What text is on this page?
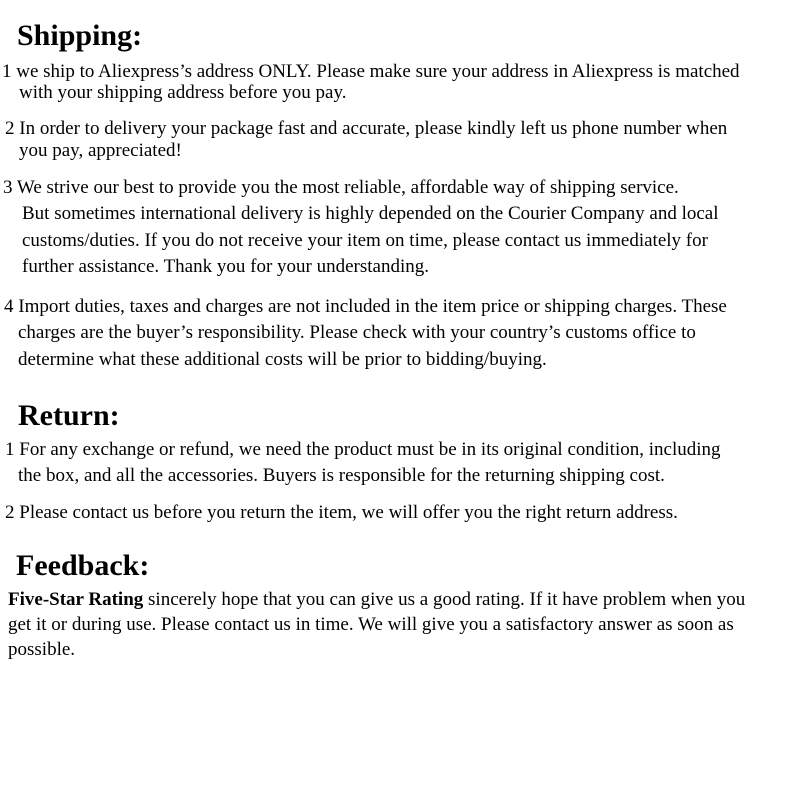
Shipping:
1 we ship to Aliexpress’s address ONLY. Please make sure your address in Aliexpress is matched
with your shipping address before you pay.
2 In order to delivery your package fast and accurate, please kindly left us phone number when
you pay, appreciated!
3 We strive our best to provide you the most reliable, affordable way of shipping service.
But sometimes international delivery is highly depended on the Courier Company and local
customs/duties. If you do not receive your item on time, please contact us immediately for
further assistance. Thank you for your understanding.
4 Import duties, taxes and charges are not included in the item price or shipping charges. These
charges are the buyer’s responsibility. Please check with your country’s customs office to
determine what these additional costs will be prior to bidding/buying.
Return:
1 For any exchange or refund, we need the product must be in its original condition, including
the box, and all the accessories. Buyers is responsible for the returning shipping cost.
2 Please contact us before you return the item, we will offer you the right return address.
Feedback:
Five-Star Rating sincerely hope that you can give us a good rating. If it have problem when you
get it or during use. Please contact us in time. We will give you a satisfactory answer as soon as
possible.
